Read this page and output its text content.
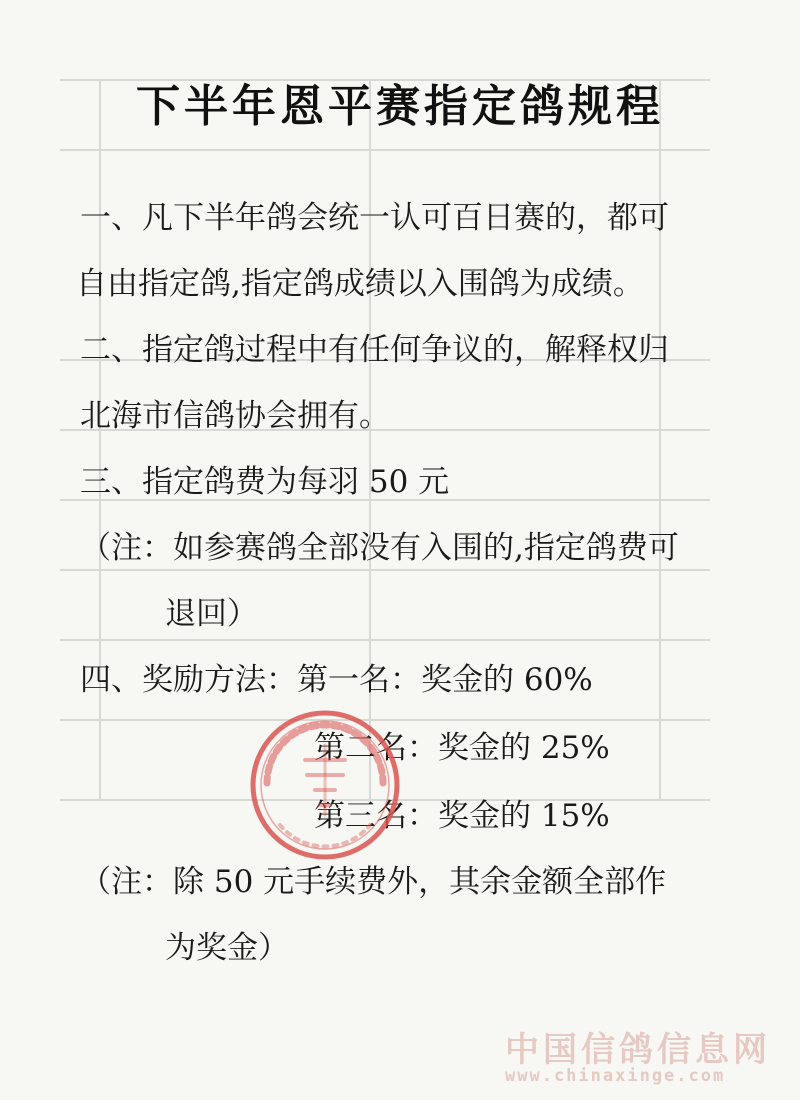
下半年恩平赛指定鸽规程
一、凡下半年鸽会统一认可百日赛的，都可
自由指定鸽,指定鸽成绩以入围鸽为成绩。
二、指定鸽过程中有任何争议的，解释权归
北海市信鸽协会拥有。
三、指定鸽费为每羽 50 元
（注：如参赛鸽全部没有入围的,指定鸽费可
退回）
四、奖励方法：第一名：奖金的 60%
第二名：奖金的 25%
第三名：奖金的 15%
（注：除 50 元手续费外，其余金额全部作
为奖金）
中国信鸽信息网
www.chinaxinge.com
